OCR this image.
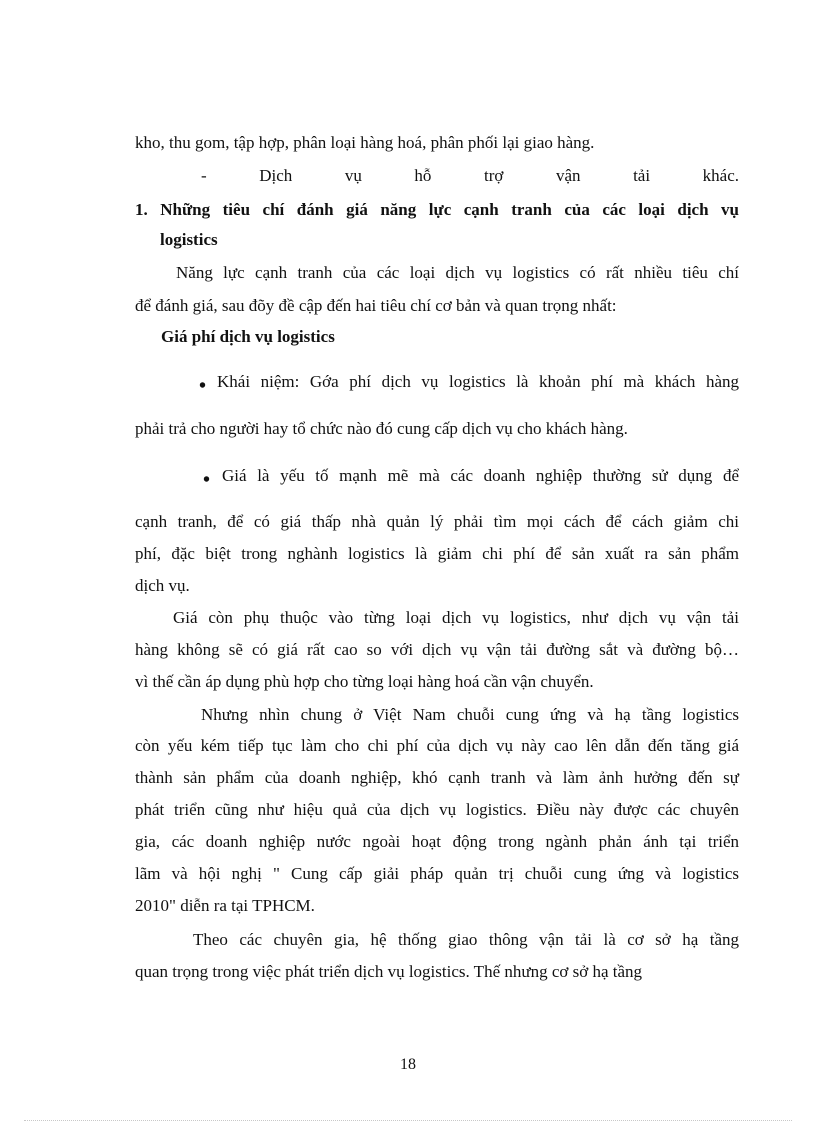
kho, thu gom, tập hợp, phân loại hàng hoá, phân phối lại giao hàng.

- Dịch vụ hỗ trợ vận tải khác.

1. Những tiêu chí đánh giá năng lực cạnh tranh của các loại dịch vụ

logistics

Năng lực cạnh tranh của các loại dịch vụ logistics có rất nhiều tiêu chí

để đánh giá, sau đõy đề cập đến hai tiêu chí cơ bản và quan trọng nhất:

Giá phí dịch vụ logistics

• Khái niệm: Gớa phí dịch vụ logistics là khoản phí mà khách hàng

phải trả cho người hay tổ chức nào đó cung cấp dịch vụ cho khách hàng.

• Giá là yếu tố mạnh mẽ mà các doanh nghiệp thường sử dụng để

cạnh tranh, để có giá thấp nhà quản lý phải tìm mọi cách để cách giảm chi

phí, đặc biệt trong nghành logistics là giảm chi phí để sản xuất ra sản phẩm

dịch vụ.

Giá còn phụ thuộc vào từng loại dịch vụ logistics, như dịch vụ vận tải

hàng không sẽ có giá rất cao so với dịch vụ vận tải đường sắt và đường bộ…

vì thế cần áp dụng phù hợp cho từng loại hàng hoá cần vận chuyển.

Nhưng nhìn chung ở Việt Nam chuỗi cung ứng và hạ tầng logistics

còn yếu kém tiếp tục làm cho chi phí của dịch vụ này cao lên dẫn đến tăng giá

thành sản phẩm của doanh nghiệp, khó cạnh tranh và làm ảnh hưởng đến sự

phát triển cũng như hiệu quả của dịch vụ logistics. Điều này được các chuyên

gia, các doanh nghiệp nước ngoài hoạt động trong ngành phản ánh tại triển

lãm và hội nghị " Cung cấp giải pháp quản trị chuỗi cung ứng và logistics

2010" diễn ra tại TPHCM.

Theo các chuyên gia, hệ thống giao thông vận tải là cơ sở hạ tầng

quan trọng trong việc phát triển dịch vụ logistics. Thế nhưng cơ sở hạ tầng

18
